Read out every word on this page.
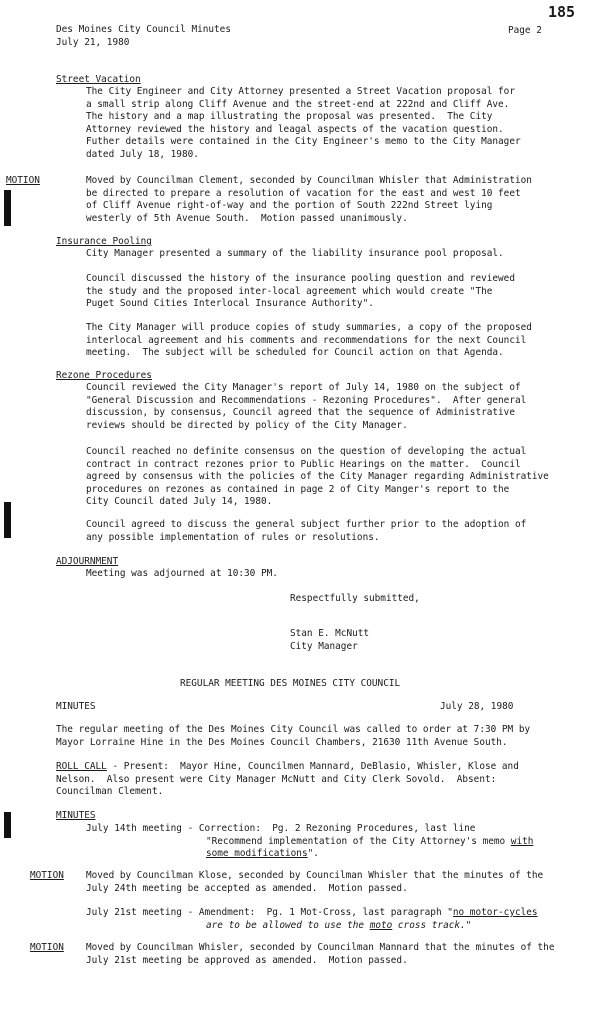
Des Moines City Council Minutes
July 21, 1980
Page 2
185
Street Vacation
The City Engineer and City Attorney presented a Street Vacation proposal for
a small strip along Cliff Avenue and the street-end at 222nd and Cliff Ave.
The history and a map illustrating the proposal was presented.  The City
Attorney reviewed the history and leagal aspects of the vacation question.
Futher details were contained in the City Engineer's memo to the City Manager
dated July 18, 1980.
MOTION	Moved by Councilman Clement, seconded by Councilman Whisler that Administration
be directed to prepare a resolution of vacation for the east and west 10 feet
of Cliff Avenue right-of-way and the portion of South 222nd Street lying
westerly of 5th Avenue South.  Motion passed unanimously.
Insurance Pooling
City Manager presented a summary of the liability insurance pool proposal.
Council discussed the history of the insurance pooling question and reviewed
the study and the proposed inter-local agreement which would create "The
Puget Sound Cities Interlocal Insurance Authority".
The City Manager will produce copies of study summaries, a copy of the proposed
interlocal agreement and his comments and recommendations for the next Council
meeting.  The subject will be scheduled for Council action on that Agenda.
Rezone Procedures
Council reviewed the City Manager's report of July 14, 1980 on the subject of
"General Discussion and Recommendations - Rezoning Procedures".  After general
discussion, by consensus, Council agreed that the sequence of Administrative
reviews should be directed by policy of the City Manager.
Council reached no definite consensus on the question of developing the actual
contract in contract rezones prior to Public Hearings on the matter.  Council
agreed by consensus with the policies of the City Manager regarding Administrative
procedures on rezones as contained in page 2 of City Manger's report to the
City Council dated July 14, 1980.
Council agreed to discuss the general subject further prior to the adoption of
any possible implementation of rules or resolutions.
ADJOURNMENT
Meeting was adjourned at 10:30 PM.
Respectfully submitted,
Stan E. McNutt
City Manager
REGULAR MEETING DES MOINES CITY COUNCIL
MINUTES	July 28, 1980
The regular meeting of the Des Moines City Council was called to order at 7:30 PM by
Mayor Lorraine Hine in the Des Moines Council Chambers, 21630 11th Avenue South.
ROLL CALL - Present:  Mayor Hine, Councilmen Mannard, DeBlasio, Whisler, Klose and
Nelson.  Also present were City Manager McNutt and City Clerk Sovold.  Absent:
Councilman Clement.
MINUTES
July 14th meeting - Correction:  Pg. 2 Rezoning Procedures, last line
"Recommend implementation of the City Attorney's memo with
some modifications".
MOTION Moved by Councilman Klose, seconded by Councilman Whisler that the minutes of the
July 24th meeting be accepted as amended.  Motion passed.
July 21st meeting - Amendment:  Pg. 1 Mot-Cross, last paragraph "no motor-cycles
are to be allowed to use the moto cross track."
MOTION Moved by Councilman Whisler, seconded by Councilman Mannard that the minutes of the
July 21st meeting be approved as amended.  Motion passed.
